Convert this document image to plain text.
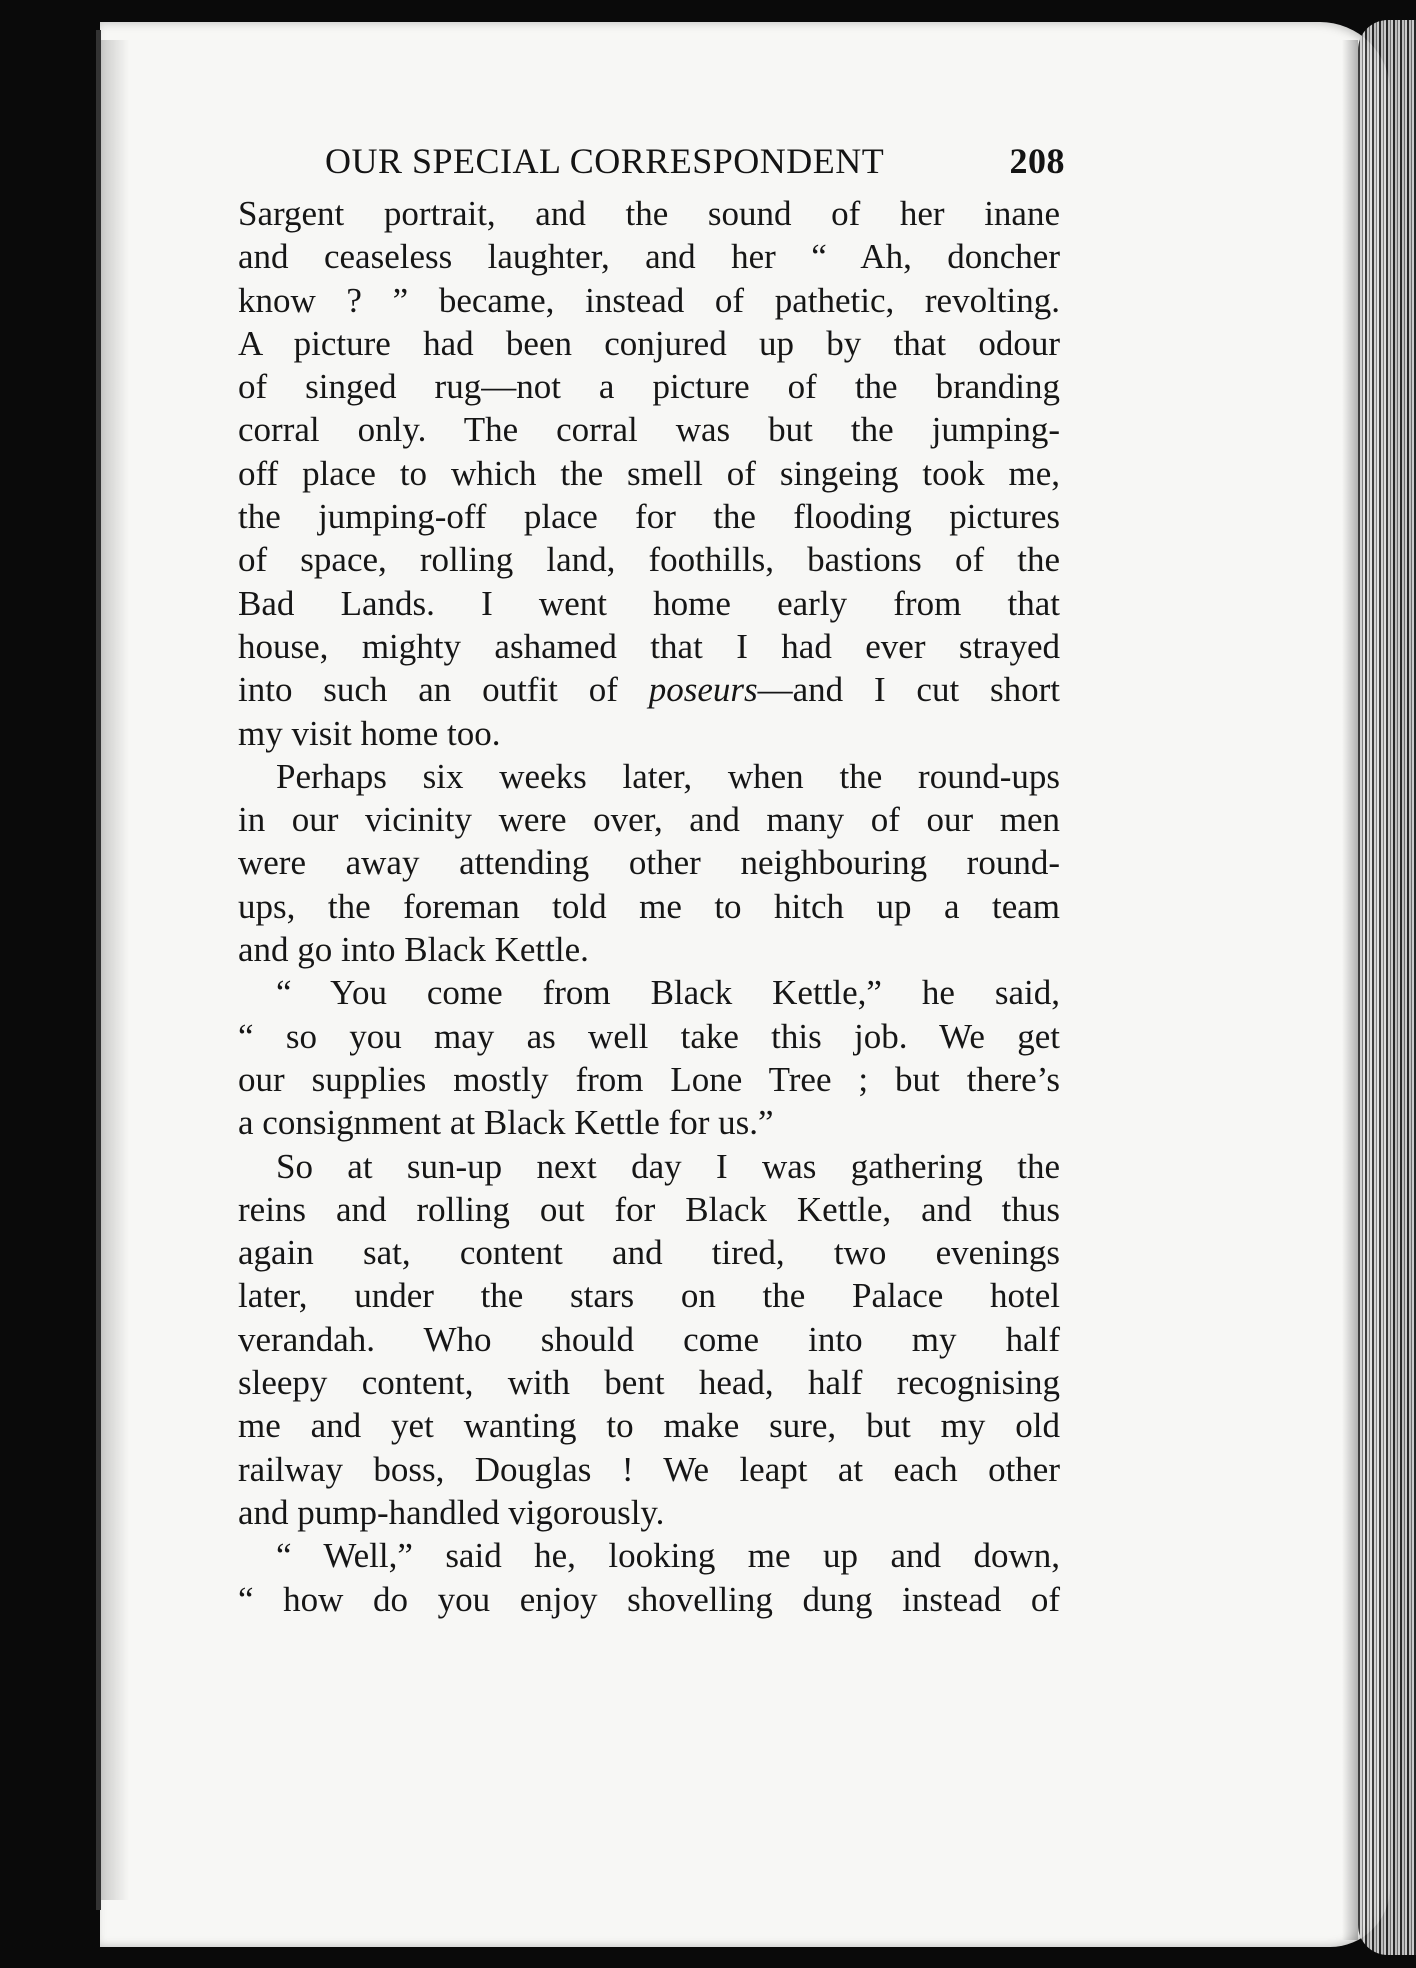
OUR SPECIAL CORRESPONDENT	208
Sargent portrait, and the sound of her inane
and ceaseless laughter, and her “ Ah, doncher
know ? ” became, instead of pathetic, revolting.
A picture had been conjured up by that odour
of singed rug—not a picture of the branding
corral only. The corral was but the jumping-
off place to which the smell of singeing took me,
the jumping-off place for the flooding pictures
of space, rolling land, foothills, bastions of the
Bad Lands. I went home early from that
house, mighty ashamed that I had ever strayed
into such an outfit of poseurs—and I cut short
my visit home too.
Perhaps six weeks later, when the round-ups
in our vicinity were over, and many of our men
were away attending other neighbouring round-
ups, the foreman told me to hitch up a team
and go into Black Kettle.
“ You come from Black Kettle,” he said,
“ so you may as well take this job. We get
our supplies mostly from Lone Tree ; but there’s
a consignment at Black Kettle for us.”
So at sun-up next day I was gathering the
reins and rolling out for Black Kettle, and thus
again sat, content and tired, two evenings
later, under the stars on the Palace hotel
verandah. Who should come into my half
sleepy content, with bent head, half recognising
me and yet wanting to make sure, but my old
railway boss, Douglas ! We leapt at each other
and pump-handled vigorously.
“ Well,” said he, looking me up and down,
“ how do you enjoy shovelling dung instead of
